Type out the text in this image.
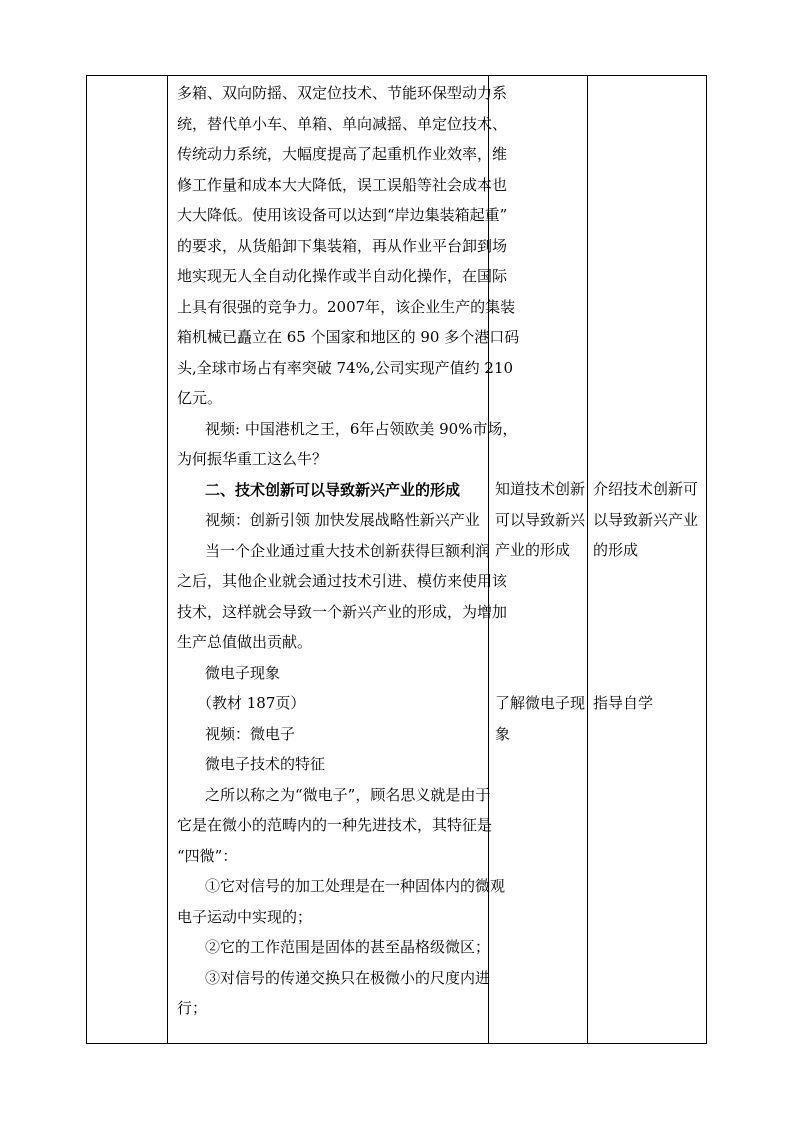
多箱、双向防摇、双定位技术、节能环保型动力系
统，替代单小车、单箱、单向减摇、单定位技术、
传统动力系统，大幅度提高了起重机作业效率，维
修工作量和成本大大降低，误工误船等社会成本也
大大降低。使用该设备可以达到“岸边集装箱起重”
的要求，从货船卸下集装箱，再从作业平台卸到场
地实现无人全自动化操作或半自动化操作，在国际
上具有很强的竞争力。2007年，该企业生产的集装
箱机械已矗立在 65 个国家和地区的 90 多个港口码
头,全球市场占有率突破 74%,公司实现产值约 210
亿元。
视频: 中国港机之王，6年占领欧美 90%市场，
为何振华重工这么牛？
二、技术创新可以导致新兴产业的形成
视频：创新引领 加快发展战略性新兴产业
当一个企业通过重大技术创新获得巨额利润
之后，其他企业就会通过技术引进、模仿来使用该
技术，这样就会导致一个新兴产业的形成，为增加
生产总值做出贡献。
微电子现象
（教材 187页）
视频：微电子
微电子技术的特征
之所以称之为“微电子”，顾名思义就是由于
它是在微小的范畴内的一种先进技术，其特征是
“四微”：
①它对信号的加工处理是在一种固体内的微观
电子运动中实现的；
②它的工作范围是固体的甚至晶格级微区；
③对信号的传递交换只在极微小的尺度内进
行；
知道技术创新
可以导致新兴
产业的形成
了解微电子现
象
介绍技术创新可
以导致新兴产业
的形成
指导自学
